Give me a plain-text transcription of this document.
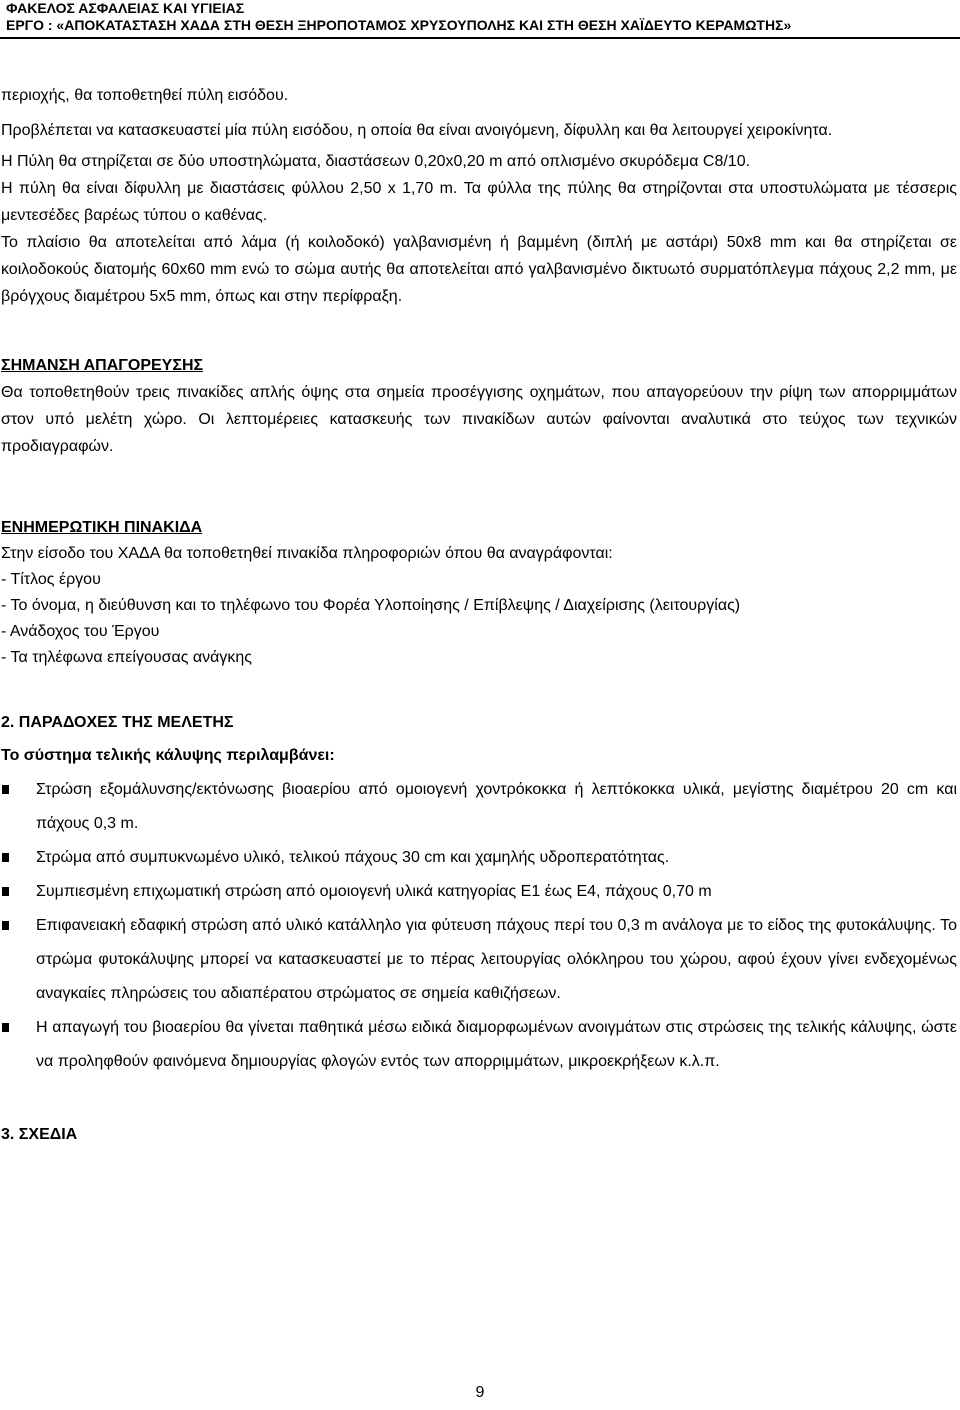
ΦΑΚΕΛΟΣ ΑΣΦΑΛΕΙΑΣ ΚΑΙ ΥΓΙΕΙΑΣ
ΕΡΓΟ : «ΑΠΟΚΑΤΑΣΤΑΣΗ ΧΑΔΑ ΣΤΗ ΘΕΣΗ ΞΗΡΟΠΟΤΑΜΟΣ ΧΡΥΣΟΥΠΟΛΗΣ ΚΑΙ ΣΤΗ ΘΕΣΗ ΧΑΪΔΕΥΤΟ ΚΕΡΑΜΩΤΗΣ»

περιοχής, θα τοποθετηθεί πύλη εισόδου.

Προβλέπεται να κατασκευαστεί μία πύλη εισόδου, η οποία θα είναι ανοιγόμενη, δίφυλλη και θα λειτουργεί χειροκίνητα.

Η Πύλη θα στηρίζεται σε δύο υποστηλώματα, διαστάσεων 0,20x0,20 m από οπλισμένο σκυρόδεμα C8/10.

Η πύλη θα είναι δίφυλλη με διαστάσεις φύλλου 2,50 x 1,70 m. Τα φύλλα της πύλης θα στηρίζονται στα υποστυλώματα με τέσσερις μεντεσέδες βαρέως τύπου ο καθένας.

Το πλαίσιο θα αποτελείται από λάμα (ή κοιλοδοκό) γαλβανισμένη ή βαμμένη (διπλή με αστάρι) 50x8 mm και θα στηρίζεται σε κοιλοδοκούς διατομής 60x60 mm ενώ το σώμα αυτής θα αποτελείται από γαλβανισμένο δικτυωτό συρματόπλεγμα πάχους 2,2 mm, με βρόγχους διαμέτρου 5x5 mm, όπως και στην περίφραξη.

ΣΗΜΑΝΣΗ ΑΠΑΓΟΡΕΥΣΗΣ

Θα τοποθετηθούν τρεις πινακίδες απλής όψης στα σημεία προσέγγισης οχημάτων, που απαγορεύουν την ρίψη των απορριμμάτων στον υπό μελέτη χώρο. Οι λεπτομέρειες κατασκευής των πινακίδων αυτών φαίνονται αναλυτικά στο τεύχος των τεχνικών προδιαγραφών.

ΕΝΗΜΕΡΩΤΙΚΗ ΠΙΝΑΚΙΔΑ

Στην είσοδο του ΧΑΔΑ θα τοποθετηθεί πινακίδα πληροφοριών όπου θα αναγράφονται:

- Τίτλος έργου

- Το όνομα, η διεύθυνση και το τηλέφωνο του Φορέα Υλοποίησης / Επίβλεψης / Διαχείρισης (λειτουργίας)

- Ανάδοχος του Έργου

- Τα τηλέφωνα επείγουσας ανάγκης

2. ΠΑΡΑΔΟΧΕΣ ΤΗΣ ΜΕΛΕΤΗΣ

Το σύστημα τελικής κάλυψης περιλαμβάνει:

Στρώση εξομάλυνσης/εκτόνωσης βιοαερίου από ομοιογενή χοντρόκοκκα ή λεπτόκοκκα υλικά, μεγίστης διαμέτρου 20 cm και πάχους 0,3 m.
Στρώμα από συμπυκνωμένο υλικό, τελικού πάχους 30 cm και χαμηλής υδροπερατότητας.
Συμπιεσμένη επιχωματική στρώση από ομοιογενή υλικά κατηγορίας Ε1 έως Ε4, πάχους 0,70 m
Επιφανειακή εδαφική στρώση από υλικό κατάλληλο για φύτευση πάχους περί του 0,3 m ανάλογα με το είδος της φυτοκάλυψης. Το στρώμα φυτοκάλυψης μπορεί να κατασκευαστεί με το πέρας λειτουργίας ολόκληρου του χώρου, αφού έχουν γίνει ενδεχομένως αναγκαίες πληρώσεις του αδιαπέρατου στρώματος σε σημεία καθιζήσεων.
Η απαγωγή του βιοαερίου θα γίνεται παθητικά μέσω ειδικά διαμορφωμένων ανοιγμάτων στις στρώσεις της τελικής κάλυψης, ώστε να προληφθούν φαινόμενα δημιουργίας φλογών εντός των απορριμμάτων, μικροεκρήξεων κ.λ.π.

3. ΣΧΕΔΙΑ

9
